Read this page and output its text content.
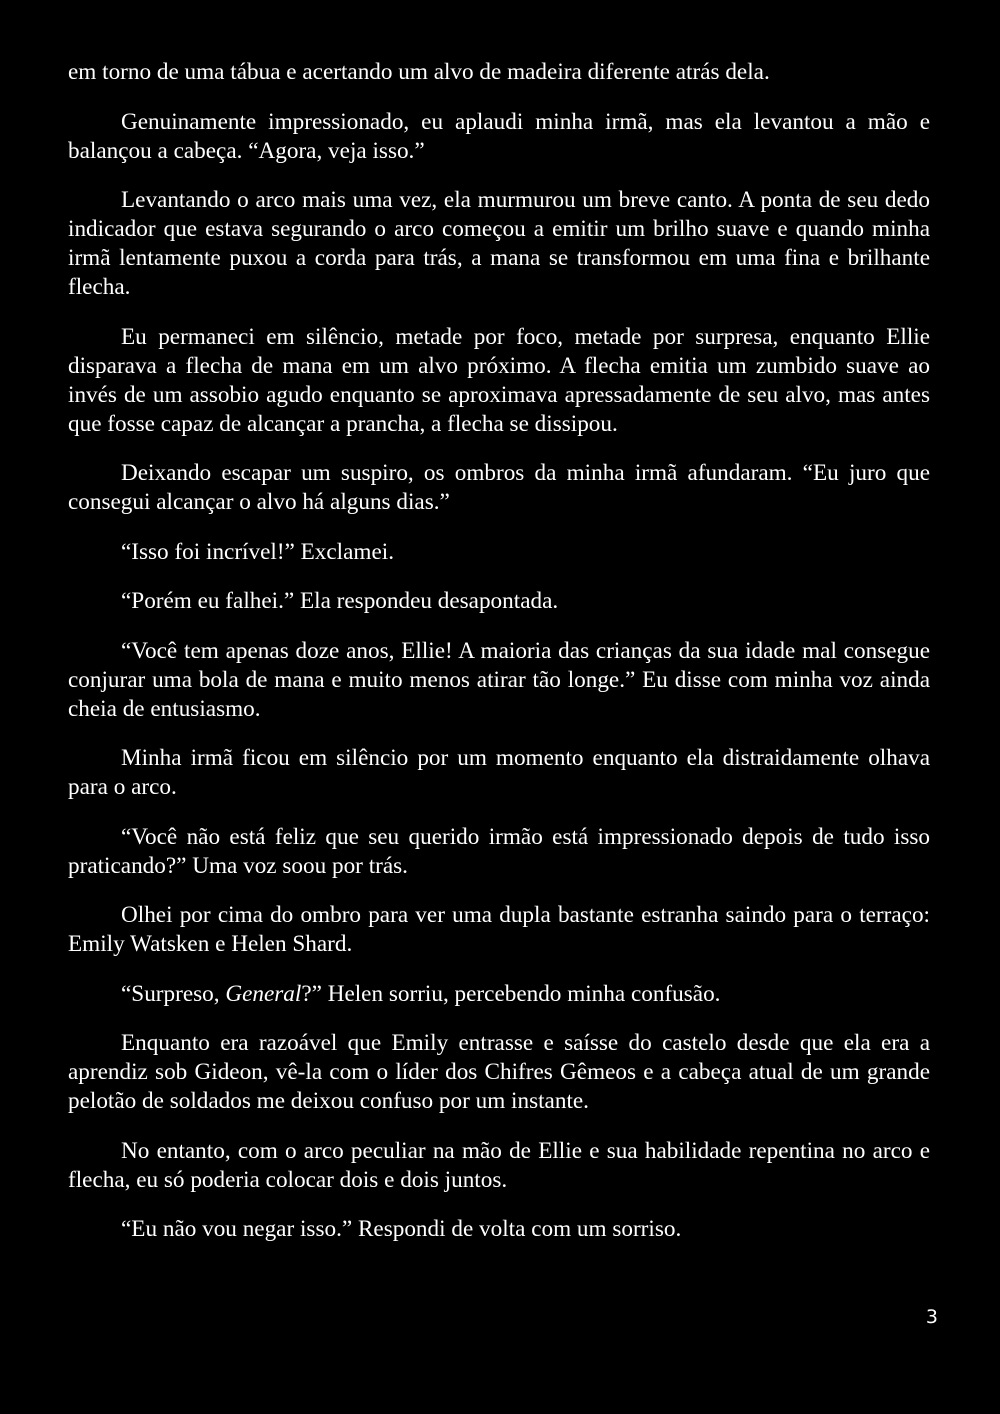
em torno de uma tábua e acertando um alvo de madeira diferente atrás dela.

Genuinamente impressionado, eu aplaudi minha irmã, mas ela levantou a mão e balançou a cabeça. “Agora, veja isso.”

Levantando o arco mais uma vez, ela murmurou um breve canto. A ponta de seu dedo indicador que estava segurando o arco começou a emitir um brilho suave e quando minha irmã lentamente puxou a corda para trás, a mana se transformou em uma fina e brilhante flecha.

Eu permaneci em silêncio, metade por foco, metade por surpresa, enquanto Ellie disparava a flecha de mana em um alvo próximo. A flecha emitia um zumbido suave ao invés de um assobio agudo enquanto se aproximava apressadamente de seu alvo, mas antes que fosse capaz de alcançar a prancha, a flecha se dissipou.

Deixando escapar um suspiro, os ombros da minha irmã afundaram. “Eu juro que consegui alcançar o alvo há alguns dias.”

“Isso foi incrível!” Exclamei.

“Porém eu falhei.” Ela respondeu desapontada.

“Você tem apenas doze anos, Ellie! A maioria das crianças da sua idade mal consegue conjurar uma bola de mana e muito menos atirar tão longe.” Eu disse com minha voz ainda cheia de entusiasmo.

Minha irmã ficou em silêncio por um momento enquanto ela distraidamente olhava para o arco.

“Você não está feliz que seu querido irmão está impressionado depois de tudo isso praticando?” Uma voz soou por trás.

Olhei por cima do ombro para ver uma dupla bastante estranha saindo para o terraço: Emily Watsken e Helen Shard.

“Surpreso, General?” Helen sorriu, percebendo minha confusão.

Enquanto era razoável que Emily entrasse e saísse do castelo desde que ela era a aprendiz sob Gideon, vê-la com o líder dos Chifres Gêmeos e a cabeça atual de um grande pelotão de soldados me deixou confuso por um instante.

No entanto, com o arco peculiar na mão de Ellie e sua habilidade repentina no arco e flecha, eu só poderia colocar dois e dois juntos.

“Eu não vou negar isso.” Respondi de volta com um sorriso.

3
